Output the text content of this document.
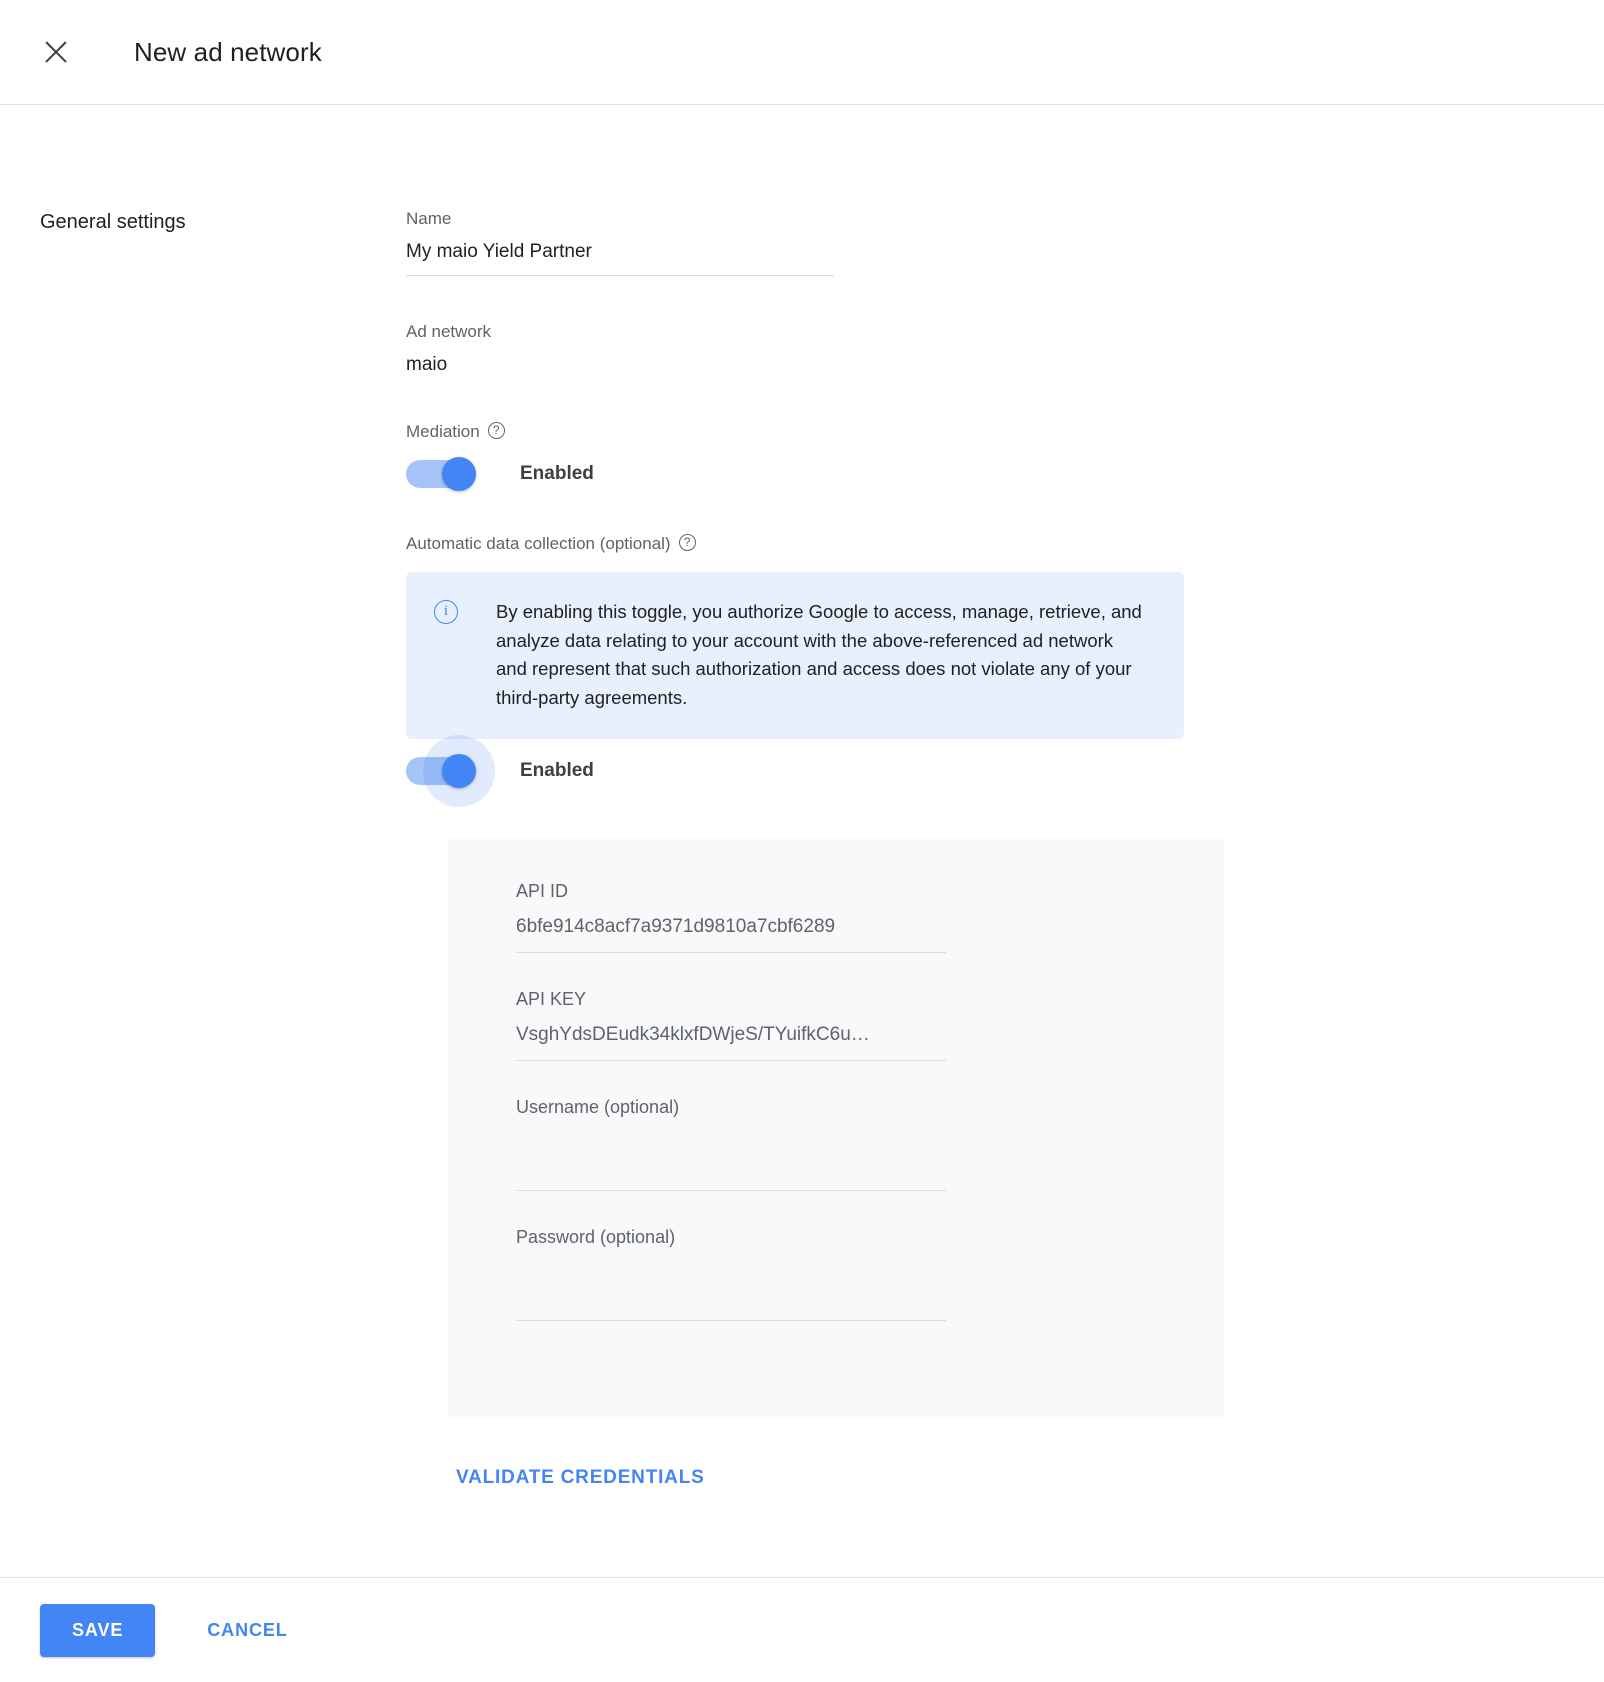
New ad network
General settings	Name
My maio Yield Partner
Ad network
maio
Mediation?
Enabled
Automatic data collection (optional)?
i
By enabling this toggle, you authorize Google to access, manage, retrieve, and analyze data relating to your account with the above-referenced ad network and represent that such authorization and access does not violate any of your third-party agreements.
Enabled
API ID
6bfe914c8acf7a9371d9810a7cbf6289
API KEY
VsghYdsDEudk34klxfDWjeS/TYuifkC6u…
Username (optional)
Password (optional)
VALIDATE CREDENTIALS
SAVE	CANCEL
